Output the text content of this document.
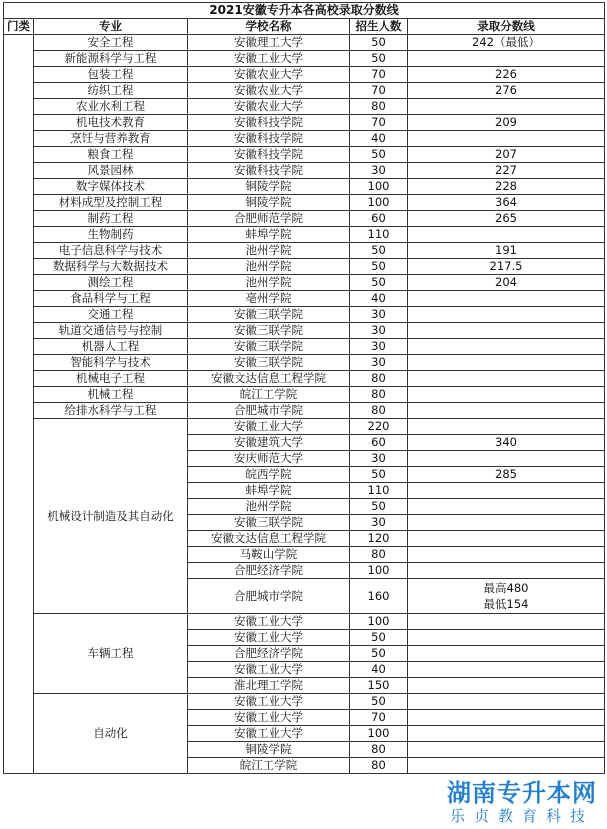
2021安徽专升本各高校录取分数线				
门类	专业	学校名称	招生人数	录取分数线
	安全工程	安徽理工大学	50	242（最低）
	新能源科学与工程	安徽工业大学	50	
	包装工程	安徽农业大学	70	226
	纺织工程	安徽农业大学	70	276
	农业水利工程	安徽农业大学	80	
	机电技术教育	安徽科技学院	70	209
	烹饪与营养教育	安徽科技学院	40	
	粮食工程	安徽科技学院	50	207
	风景园林	安徽科技学院	30	227
	数字媒体技术	铜陵学院	100	228
	材料成型及控制工程	铜陵学院	100	364
	制药工程	合肥师范学院	60	265
	生物制药	蚌埠学院	110	
	电子信息科学与技术	池州学院	50	191
	数据科学与大数据技术	池州学院	50	217.5
	测绘工程	池州学院	50	204
	食品科学与工程	亳州学院	40	
	交通工程	安徽三联学院	30	
	轨道交通信号与控制	安徽三联学院	30	
	机器人工程	安徽三联学院	30	
	智能科学与技术	安徽三联学院	30	
	机械电子工程	安徽文达信息工程学院	80	
	机械工程	皖江工学院	80	
	给排水科学与工程	合肥城市学院	80	
	机械设计制造及其自动化	安徽工业大学	220	
		安徽建筑大学	60	340
		安庆师范大学	30	
		皖西学院	50	285
		蚌埠学院	110	
		池州学院	50	
		安徽三联学院	30	
		安徽文达信息工程学院	120	
		马鞍山学院	80	
		合肥经济学院	100	
		合肥城市学院	160	最高480
最低154

	车辆工程	安徽工业大学	100	
		安徽工业大学	50	
		合肥经济学院	50	
		安徽工业大学	40	
		淮北理工学院	150	
	自动化	安徽工业大学	50	
		安徽工业大学	70	
		安徽工业大学	100	
		铜陵学院	80	
		皖江工学院	80	
湖南专升本网
乐贞教育科技
